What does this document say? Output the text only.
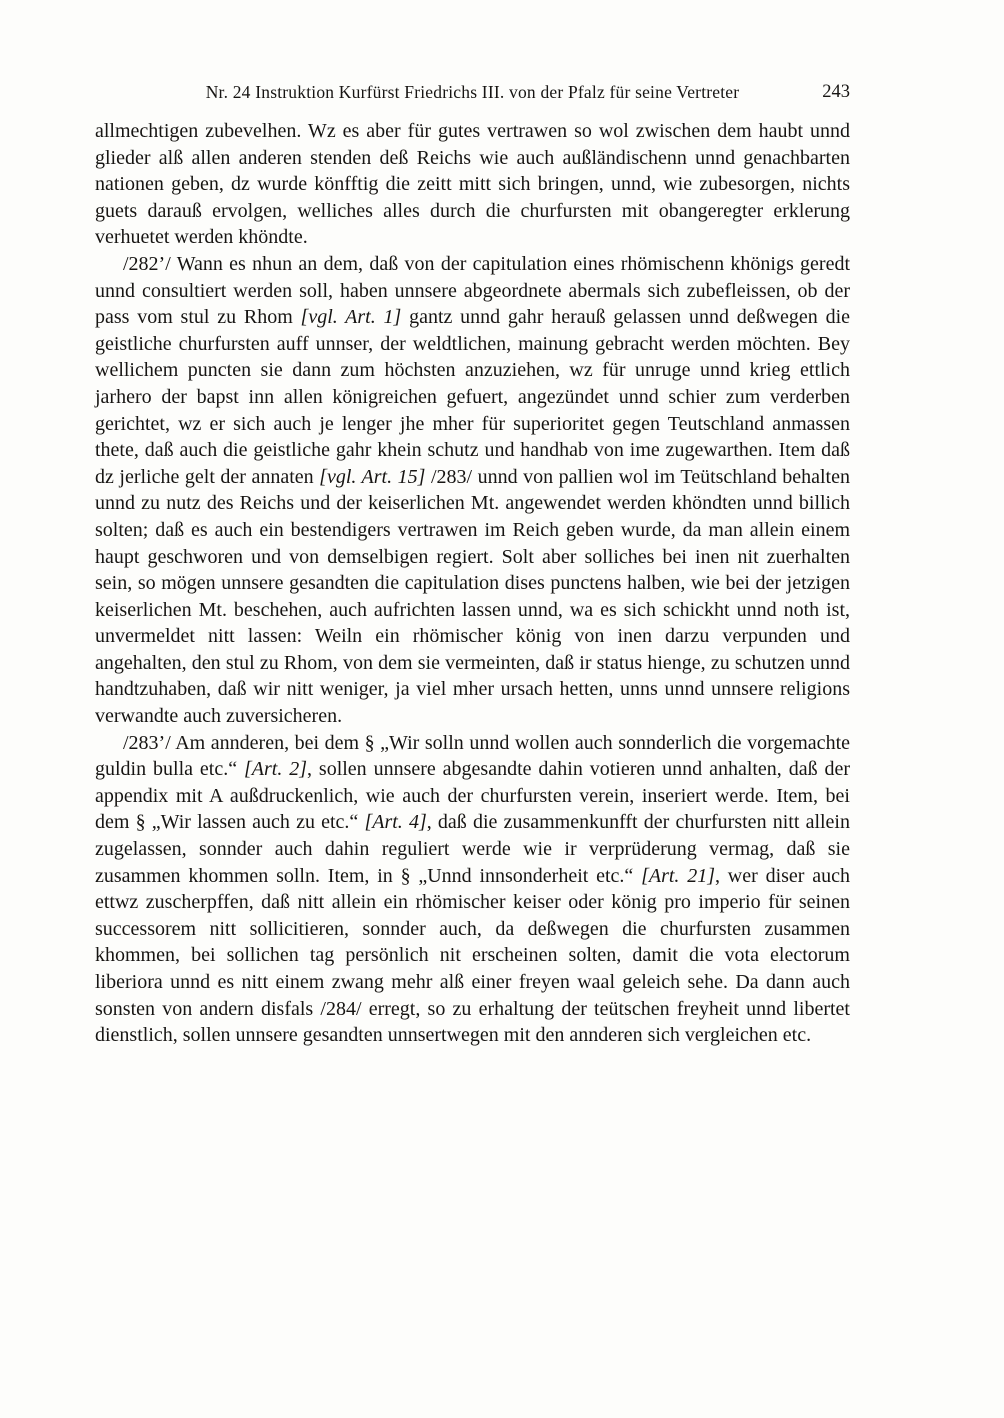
Nr. 24 Instruktion Kurfürst Friedrichs III. von der Pfalz für seine Vertreter	243

allmechtigen zubevelhen. Wz es aber für gutes vertrawen so wol zwischen dem haubt unnd glieder alß allen anderen stenden deß Reichs wie auch außländischenn unnd genachbarten nationen geben, dz wurde könfftig die zeitt mitt sich bringen, unnd, wie zubesorgen, nichts guets darauß ervolgen, welliches alles durch die churfursten mit obangeregter erklerung verhuetet werden khöndte.

/282’/ Wann es nhun an dem, daß von der capitulation eines rhömischenn khönigs geredt unnd consultiert werden soll, haben unnsere abgeordnete abermals sich zubefleissen, ob der pass vom stul zu Rhom [vgl. Art. 1] gantz unnd gahr herauß gelassen unnd deßwegen die geistliche churfursten auff unnser, der weldtlichen, mainung gebracht werden möchten. Bey wellichem puncten sie dann zum höchsten anzuziehen, wz für unruge unnd krieg ettlich jarhero der bapst inn allen königreichen gefuert, angezündet unnd schier zum verderben gerichtet, wz er sich auch je lenger jhe mher für superioritet gegen Teutschland anmassen thete, daß auch die geistliche gahr khein schutz und handhab von ime zugewarthen. Item daß dz jerliche gelt der annaten [vgl. Art. 15] /283/ unnd von pallien wol im Teütschland behalten unnd zu nutz des Reichs und der keiserlichen Mt. angewendet werden khöndten unnd billich solten; daß es auch ein bestendigers vertrawen im Reich geben wurde, da man allein einem haupt geschworen und von demselbigen regiert. Solt aber solliches bei inen nit zuerhalten sein, so mögen unnsere gesandten die capitulation dises punctens halben, wie bei der jetzigen keiserlichen Mt. beschehen, auch aufrichten lassen unnd, wa es sich schickht unnd noth ist, unvermeldet nitt lassen: Weiln ein rhömischer könig von inen darzu verpunden und angehalten, den stul zu Rhom, von dem sie vermeinten, daß ir status hienge, zu schutzen unnd handtzuhaben, daß wir nitt weniger, ja viel mher ursach hetten, unns unnd unnsere religions verwandte auch zuversicheren.

/283’/ Am annderen, bei dem § „Wir solln unnd wollen auch sonnderlich die vorgemachte guldin bulla etc.“ [Art. 2], sollen unnsere abgesandte dahin votieren unnd anhalten, daß der appendix mit A außdruckenlich, wie auch der churfursten verein, inseriert werde. Item, bei dem § „Wir lassen auch zu etc.“ [Art. 4], daß die zusammenkunfft der churfursten nitt allein zugelassen, sonnder auch dahin reguliert werde wie ir verprüderung vermag, daß sie zusammen khommen solln. Item, in § „Unnd innsonderheit etc.“ [Art. 21], wer diser auch ettwz zuscherpffen, daß nitt allein ein rhömischer keiser oder könig pro imperio für seinen successorem nitt sollicitieren, sonnder auch, da deßwegen die churfursten zusammen khommen, bei sollichen tag persönlich nit erscheinen solten, damit die vota electorum liberiora unnd es nitt einem zwang mehr alß einer freyen waal geleich sehe. Da dann auch sonsten von andern disfals /284/ erregt, so zu erhaltung der teütschen freyheit unnd libertet dienstlich, sollen unnsere gesandten unnsertwegen mit den annderen sich vergleichen etc.
